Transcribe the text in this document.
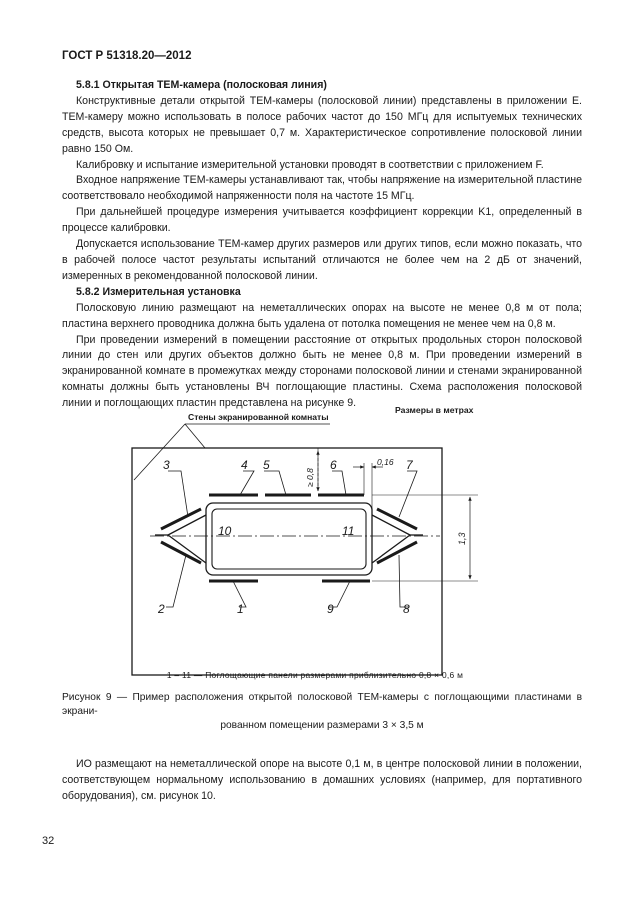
ГОСТ Р 51318.20—2012

5.8.1 Открытая ТЕМ-камера (полосковая линия)

Конструктивные детали открытой ТЕМ-камеры (полосковой линии) представлены в приложении Е. ТЕМ-камеру можно использовать в полосе рабочих частот до 150 МГц для испытуемых технических средств, высота которых не превышает 0,7 м. Характеристическое сопротивление полосковой линии равно 150 Ом.

Калибровку и испытание измерительной установки проводят в соответствии с приложением F.

Входное напряжение ТЕМ-камеры устанавливают так, чтобы напряжение на измерительной пластине соответствовало необходимой напряженности поля на частоте 15 МГц.

При дальнейшей процедуре измерения учитывается коэффициент коррекции K1, определенный в процессе калибровки.

Допускается использование ТЕМ-камер других размеров или других типов, если можно показать, что в рабочей полосе частот результаты испытаний отличаются не более чем на 2 дБ от значений, измеренных в рекомендованной полосковой линии.

5.8.2 Измерительная установка

Полосковую линию размещают на неметаллических опорах на высоте не менее 0,8 м от пола; пластина верхнего проводника должна быть удалена от потолка помещения не менее чем на 0,8 м.

При проведении измерений в помещении расстояние от открытых продольных сторон полосковой линии до стен или других объектов должно быть не менее 0,8 м. При проведении измерений в экранированной комнате в промежутках между сторонами полосковой линии и стенами экранированной комнаты должны быть установлены ВЧ поглощающие пластины. Схема расположения полосковой линии и поглощающих пластин представлена на рисунке 9.

Стены экранированной комнаты
Размеры в метрах
3	4 5	6	7
10	11
2	1	9	8
≥ 0,8
0,16
1,3
1 – 11 — Поглощающие панели размерами приблизительно 0,8 × 0,6 м
Рисунок 9 — Пример расположения открытой полосковой ТЕМ-камеры с поглощающими пластинами в экрани-
рованном помещении размерами 3 × 3,5 м

ИО размещают на неметаллической опоре на высоте 0,1 м, в центре полосковой линии в положении, соответствующем нормальному использованию в домашних условиях (например, для портативного оборудования), см. рисунок 10.

32
